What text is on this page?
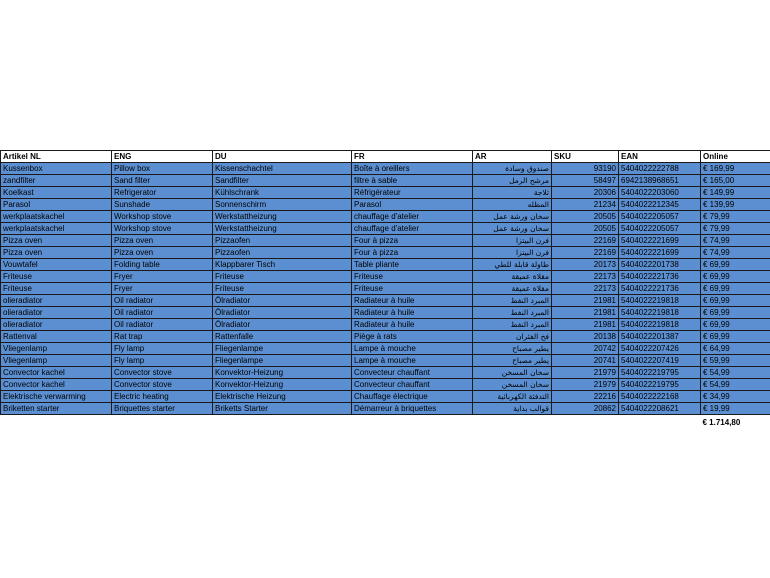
Artikel NL	ENG	DU	FR	AR	SKU	EAN	Online
Kussenbox	Pillow box	Kissenschachtel	Boîte à oreillers	صندوق وسادة	93190	5404022222788	€ 169,99
zandfilter	Sand filter	Sandfilter	filtre à sable	مرشح الرمل	58497	6942138968651	€ 165,00
Koelkast	Refrigerator	Kühlschrank	Réfrigérateur	ثلاجة	20306	5404022203060	€ 149,99
Parasol	Sunshade	Sonnenschirm	Parasol	المظله	21234	5404022212345	€ 139,99
werkplaatskachel	Workshop stove	Werkstattheizung	chauffage d'atelier	سخان ورشة عمل	20505	5404022205057	€ 79,99
werkplaatskachel	Workshop stove	Werkstattheizung	chauffage d'atelier	سخان ورشة عمل	20505	5404022205057	€ 79,99
Pizza oven	Pizza oven	Pizzaofen	Four à pizza	فرن البيتزا	22169	5404022221699	€ 74,99
Pizza oven	Pizza oven	Pizzaofen	Four à pizza	فرن البيتزا	22169	5404022221699	€ 74,99
Vouwtafel	Folding table	Klappbarer Tisch	Table pliante	طاولة قابلة للطي	20173	5404022201738	€ 69,99
Friteuse	Fryer	Friteuse	Friteuse	مقلاة عميقة	22173	5404022221736	€ 69,99
Friteuse	Fryer	Friteuse	Friteuse	مقلاة عميقة	22173	5404022221736	€ 69,99
olieradiator	Oil radiator	Ölradiator	Radiateur à huile	المبرد النفط	21981	5404022219818	€ 69,99
olieradiator	Oil radiator	Ölradiator	Radiateur à huile	المبرد النفط	21981	5404022219818	€ 69,99
olieradiator	Oil radiator	Ölradiator	Radiateur à huile	المبرد النفط	21981	5404022219818	€ 69,99
Rattenval	Rat trap	Rattenfalle	Piège à rats	فخ الفئران	20138	5404022201387	€ 69,99
Vliegenlamp	Fly lamp	Fliegenlampe	Lampe à mouche	يطير مصباح	20742	5404022207426	€ 64,99
Vliegenlamp	Fly lamp	Fliegenlampe	Lampe à mouche	يطير مصباح	20741	5404022207419	€ 59,99
Convector kachel	Convector stove	Konvektor-Heizung	Convecteur chauffant	سخان المسخن	21979	5404022219795	€ 54,99
Convector kachel	Convector stove	Konvektor-Heizung	Convecteur chauffant	سخان المسخن	21979	5404022219795	€ 54,99
Elektrische verwarming	Electric heating	Elektrische Heizung	Chauffage électrique	التدفئة الكهربائية	22216	5404022222168	€ 34,99
Briketten starter	Briquettes starter	Briketts Starter	Démarreur à briquettes	قوالب بداية	20862	5404022208621	€ 19,99
							€ 1.714,80
